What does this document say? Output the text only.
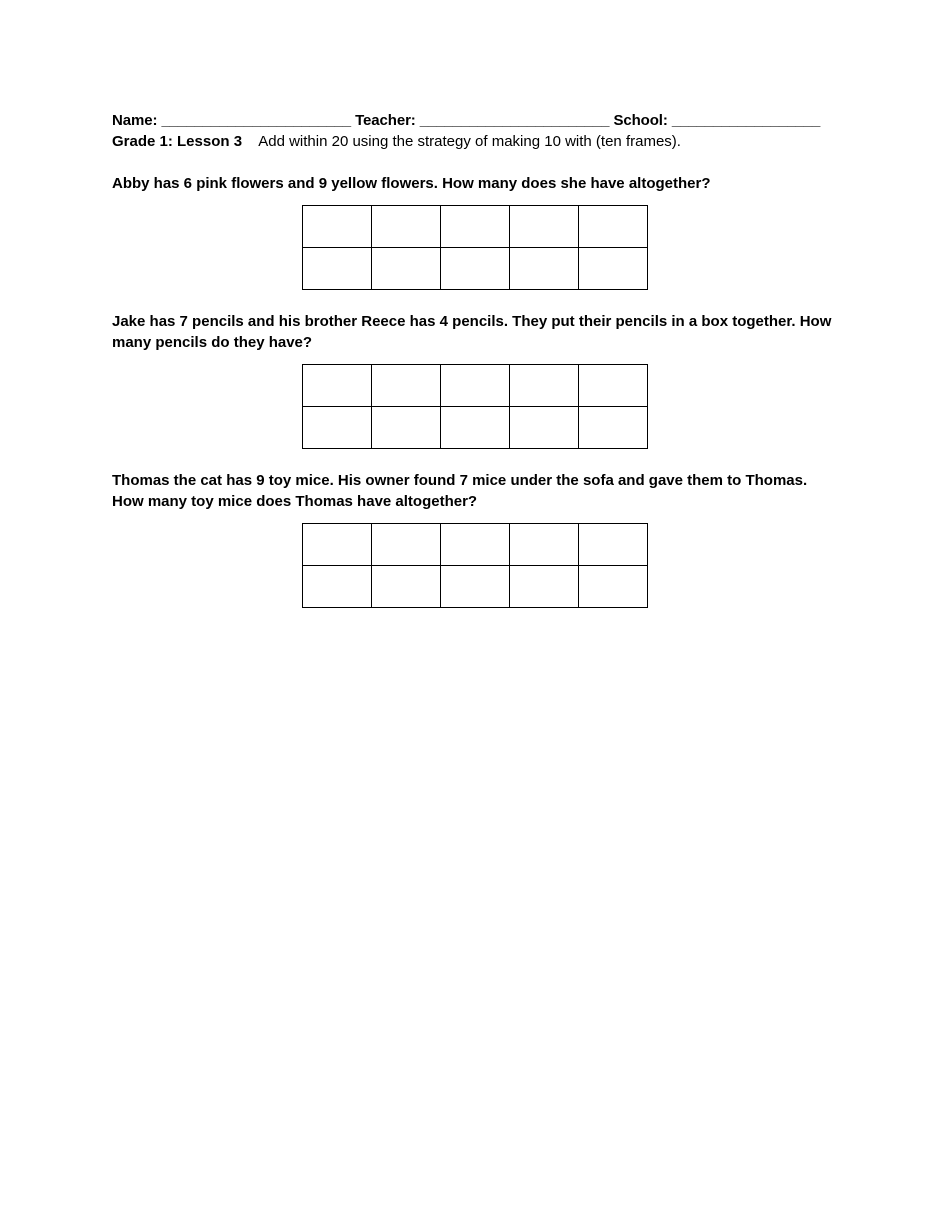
Name: _______________________ Teacher: _______________________ School: __________________
Grade 1: Lesson 3 Add within 20 using the strategy of making 10 with (ten frames).
Abby has 6 pink flowers and 9 yellow flowers. How many does she have altogether?

Jake has 7 pencils and his brother Reece has 4 pencils. They put their pencils in a box together. How many pencils do they have?

Thomas the cat has 9 toy mice. His owner found 7 mice under the sofa and gave them to Thomas. How many toy mice does Thomas have altogether?
